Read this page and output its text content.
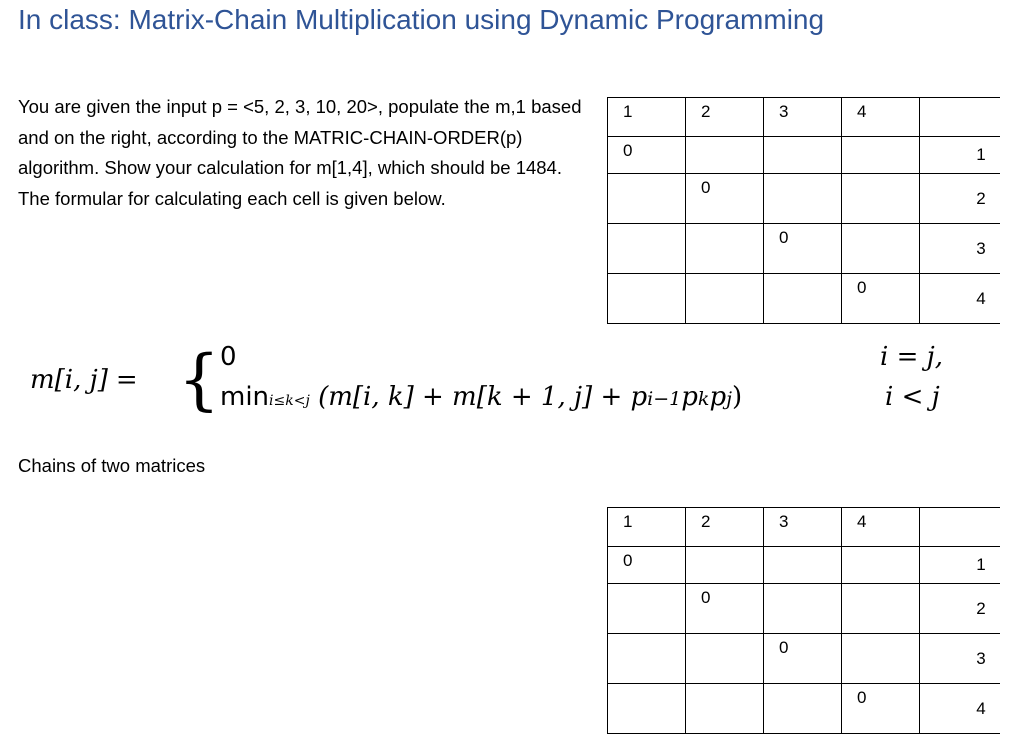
In class: Matrix-Chain Multiplication using Dynamic Programming

You are given the input p = <5, 2, 3, 10, 20>, populate the m,1 based and on the right, according to the MATRIC-CHAIN-ORDER(p) algorithm. Show your calculation for m[1,4], which should be 1484. The formular for calculating each cell is given below.

1	2	3	4	

0				1

	0			2

		0		3

			0	4
m[i, j] = { 0
mini≤k<j (m[i, k] + m[k + 1, j] + pi−1pkpj)
i = j,
i < j
Chains of two matrices
1	2	3	4	

0				1

	0			2

		0		3

			0	4
